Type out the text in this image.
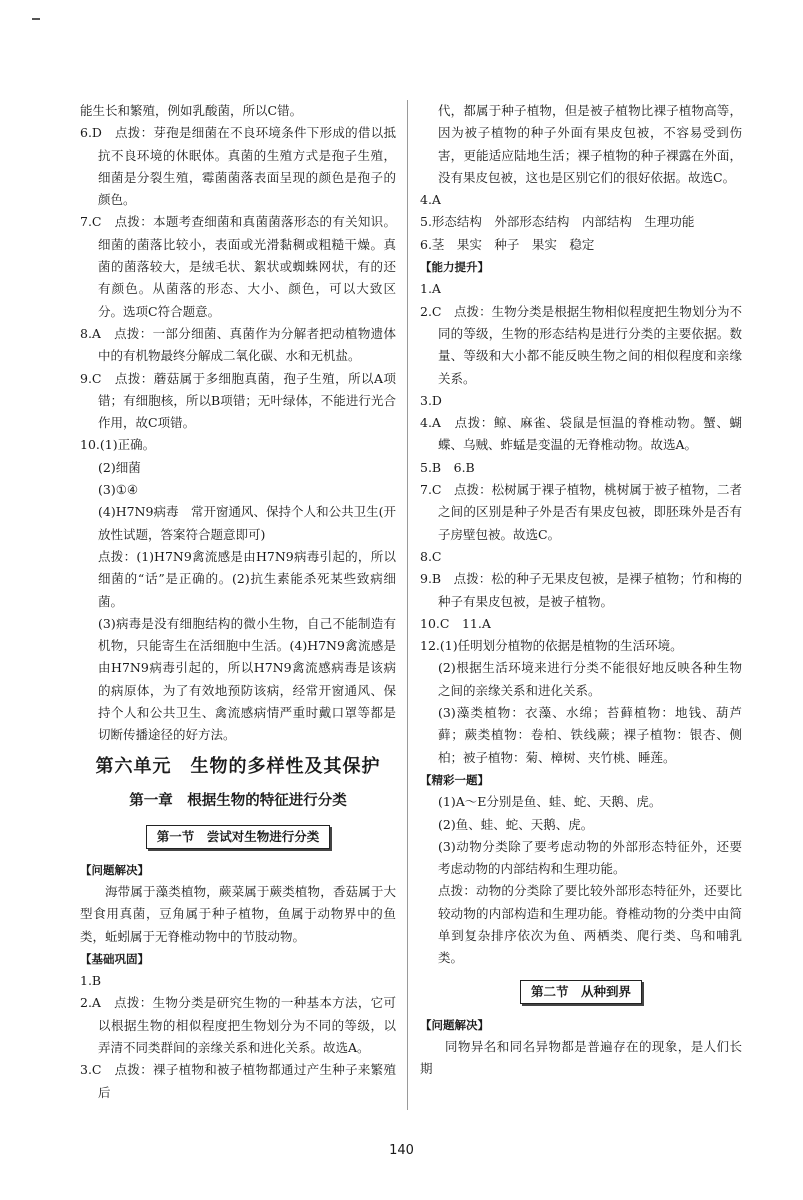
能生长和繁殖，例如乳酸菌，所以C错。

6.D　点拨：芽孢是细菌在不良环境条件下形成的借以抵抗不良环境的休眠体。真菌的生殖方式是孢子生殖，细菌是分裂生殖，霉菌菌落表面呈现的颜色是孢子的颜色。

7.C　点拨：本题考查细菌和真菌菌落形态的有关知识。细菌的菌落比较小，表面或光滑黏稠或粗糙干燥。真菌的菌落较大，是绒毛状、絮状或蜘蛛网状，有的还有颜色。从菌落的形态、大小、颜色，可以大致区分。选项C符合题意。

8.A　点拨：一部分细菌、真菌作为分解者把动植物遗体中的有机物最终分解成二氧化碳、水和无机盐。

9.C　点拨：蘑菇属于多细胞真菌，孢子生殖，所以A项错；有细胞核，所以B项错；无叶绿体，不能进行光合作用，故C项错。

10.(1)正确。

(2)细菌

(3)①④

(4)H7N9病毒　常开窗通风、保持个人和公共卫生(开放性试题，答案符合题意即可)

点拨：(1)H7N9禽流感是由H7N9病毒引起的，所以细菌的“话”是正确的。(2)抗生素能杀死某些致病细菌。

(3)病毒是没有细胞结构的微小生物，自己不能制造有机物，只能寄生在活细胞中生活。(4)H7N9禽流感是由H7N9病毒引起的，所以H7N9禽流感病毒是该病的病原体，为了有效地预防该病，经常开窗通风、保持个人和公共卫生、禽流感病情严重时戴口罩等都是切断传播途径的好方法。

第六单元　生物的多样性及其保护
第一章　根据生物的特征进行分类
第一节　尝试对生物进行分类
【问题解决】

海带属于藻类植物，蕨菜属于蕨类植物，香菇属于大型食用真菌，豆角属于种子植物，鱼属于动物界中的鱼类，蚯蚓属于无脊椎动物中的节肢动物。

【基础巩固】

1.B

2.A　点拨：生物分类是研究生物的一种基本方法，它可以根据生物的相似程度把生物划分为不同的等级，以弄清不同类群间的亲缘关系和进化关系。故选A。

3.C　点拨：裸子植物和被子植物都通过产生种子来繁殖后

代，都属于种子植物，但是被子植物比裸子植物高等，因为被子植物的种子外面有果皮包被，不容易受到伤害，更能适应陆地生活；裸子植物的种子裸露在外面，没有果皮包被，这也是区别它们的很好依据。故选C。

4.A

5.形态结构　外部形态结构　内部结构　生理功能

6.茎　果实　种子　果实　稳定

【能力提升】

1.A

2.C　点拨：生物分类是根据生物相似程度把生物划分为不同的等级，生物的形态结构是进行分类的主要依据。数量、等级和大小都不能反映生物之间的相似程度和亲缘关系。

3.D

4.A　点拨：鲸、麻雀、袋鼠是恒温的脊椎动物。蟹、蝴蝶、乌贼、蚱蜢是变温的无脊椎动物。故选A。

5.B　6.B

7.C　点拨：松树属于裸子植物，桃树属于被子植物，二者之间的区别是种子外是否有果皮包被，即胚珠外是否有子房壁包被。故选C。

8.C

9.B　点拨：松的种子无果皮包被，是裸子植物；竹和梅的种子有果皮包被，是被子植物。

10.C　11.A

12.(1)任明划分植物的依据是植物的生活环境。

(2)根据生活环境来进行分类不能很好地反映各种生物之间的亲缘关系和进化关系。

(3)藻类植物：衣藻、水绵；苔藓植物：地钱、葫芦藓；蕨类植物：卷柏、铁线蕨；裸子植物：银杏、侧柏；被子植物：菊、樟树、夹竹桃、睡莲。

【精彩一题】

(1)A～E分别是鱼、蛙、蛇、天鹅、虎。

(2)鱼、蛙、蛇、天鹅、虎。

(3)动物分类除了要考虑动物的外部形态特征外，还要考虑动物的内部结构和生理功能。

点拨：动物的分类除了要比较外部形态特征外，还要比较动物的内部构造和生理功能。脊椎动物的分类中由简单到复杂排序依次为鱼、两栖类、爬行类、鸟和哺乳类。

第二节　从种到界
【问题解决】

同物异名和同名异物都是普遍存在的现象，是人们长期

140
